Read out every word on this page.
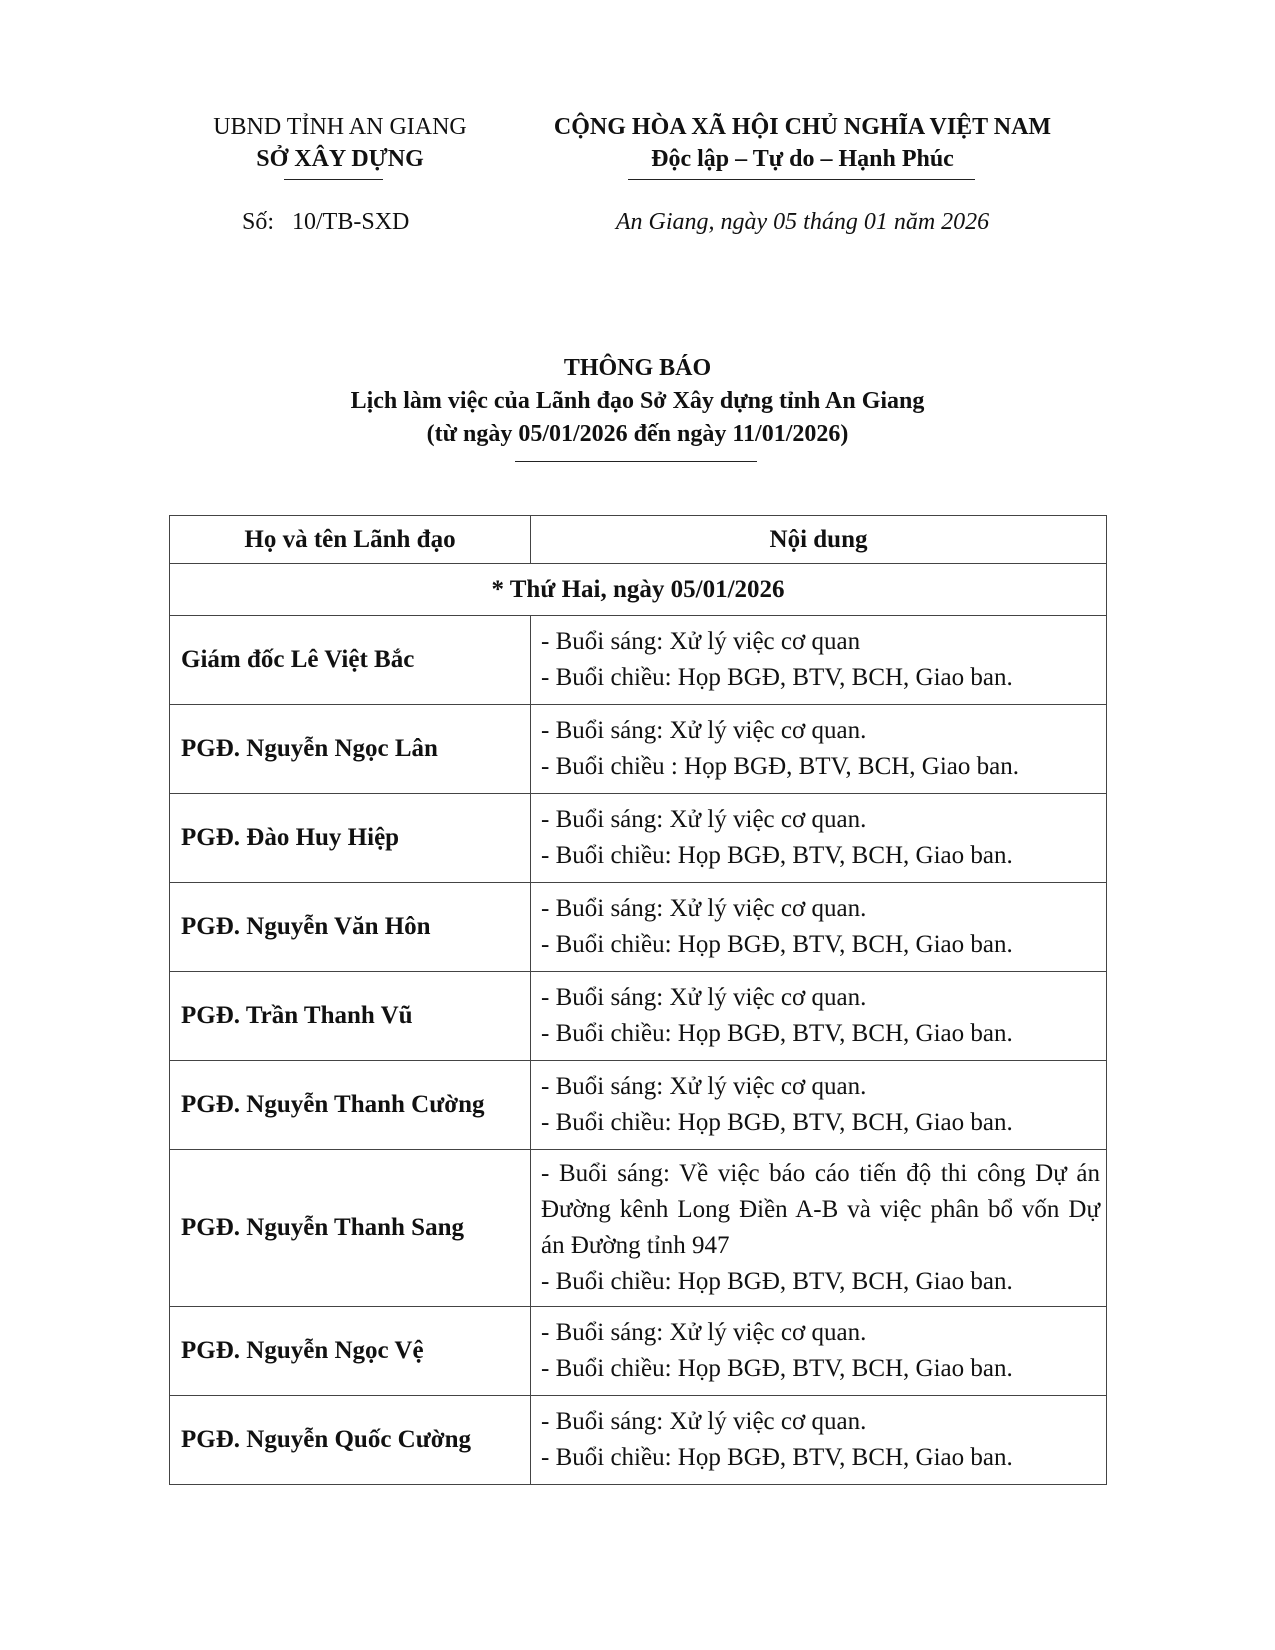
UBND TỈNH AN GIANG
SỞ XÂY DỰNG
Số: 10/TB-SXD
CỘNG HÒA XÃ HỘI CHỦ NGHĨA VIỆT NAM
Độc lập – Tự do – Hạnh Phúc
An Giang, ngày 05 tháng 01 năm 2026
THÔNG BÁO
Lịch làm việc của Lãnh đạo Sở Xây dựng tỉnh An Giang
(từ ngày 05/01/2026 đến ngày 11/01/2026)
Họ và tên Lãnh đạo	Nội dung
* Thứ Hai, ngày 05/01/2026	
Giám đốc Lê Việt Bắc	- Buổi sáng: Xử lý việc cơ quan
- Buổi chiều: Họp BGĐ, BTV, BCH, Giao ban.

PGĐ. Nguyễn Ngọc Lân	- Buổi sáng: Xử lý việc cơ quan.
- Buổi chiều : Họp BGĐ, BTV, BCH, Giao ban.

PGĐ. Đào Huy Hiệp	- Buổi sáng: Xử lý việc cơ quan.
- Buổi chiều: Họp BGĐ, BTV, BCH, Giao ban.

PGĐ. Nguyễn Văn Hôn	- Buổi sáng: Xử lý việc cơ quan.
- Buổi chiều: Họp BGĐ, BTV, BCH, Giao ban.

PGĐ. Trần Thanh Vũ	- Buổi sáng: Xử lý việc cơ quan.
- Buổi chiều: Họp BGĐ, BTV, BCH, Giao ban.

PGĐ. Nguyễn Thanh Cường	- Buổi sáng: Xử lý việc cơ quan.
- Buổi chiều: Họp BGĐ, BTV, BCH, Giao ban.

PGĐ. Nguyễn Thanh Sang	- Buổi sáng: Về việc báo cáo tiến độ thi công Dự án Đường kênh Long Điền A-B và việc phân bổ vốn Dự án Đường tỉnh 947
- Buổi chiều: Họp BGĐ, BTV, BCH, Giao ban.

PGĐ. Nguyễn Ngọc Vệ	- Buổi sáng: Xử lý việc cơ quan.
- Buổi chiều: Họp BGĐ, BTV, BCH, Giao ban.

PGĐ. Nguyễn Quốc Cường	- Buổi sáng: Xử lý việc cơ quan.
- Buổi chiều: Họp BGĐ, BTV, BCH, Giao ban.
